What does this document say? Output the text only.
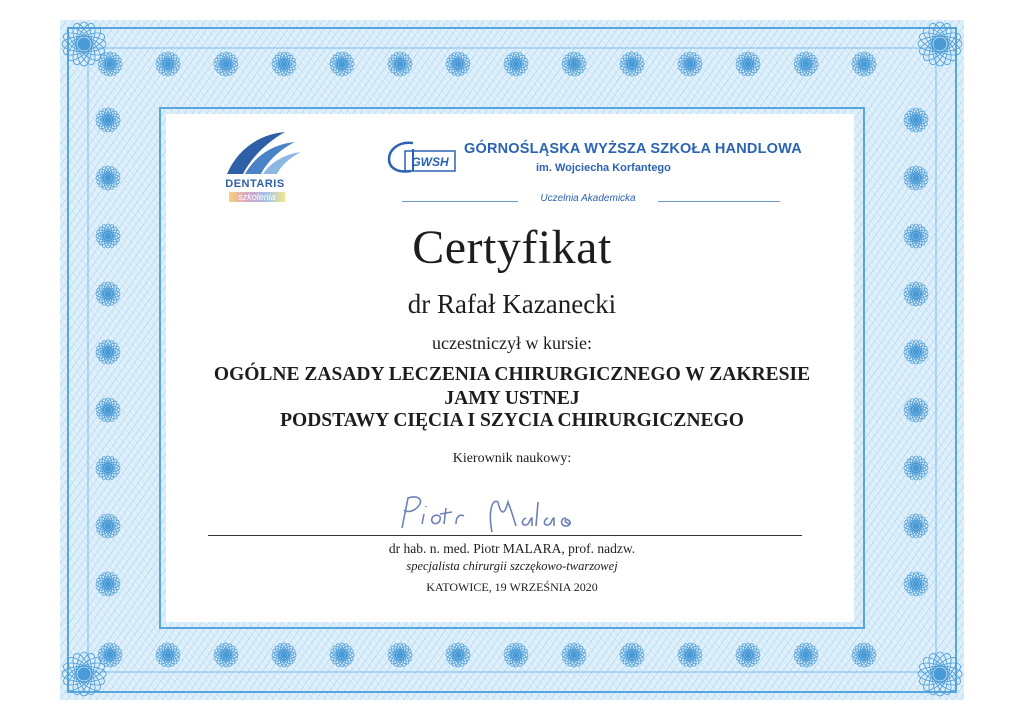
DENTARIS
szkolenia
GWSH
GÓRNOŚLĄSKA WYŻSZA SZKOŁA HANDLOWA
im. Wojciecha Korfantego
Uczelnia Akademicka
Certyfikat
dr Rafał Kazanecki
uczestniczył w kursie:
OGÓLNE ZASADY LECZENIA CHIRURGICZNEGO W ZAKRESIE
JAMY USTNEJ
PODSTAWY CIĘCIA I SZYCIA CHIRURGICZNEGO
Kierownik naukowy:
dr hab. n. med. Piotr MALARA, prof. nadzw.
specjalista chirurgii szczękowo-twarzowej
KATOWICE, 19 WRZEŚNIA 2020
